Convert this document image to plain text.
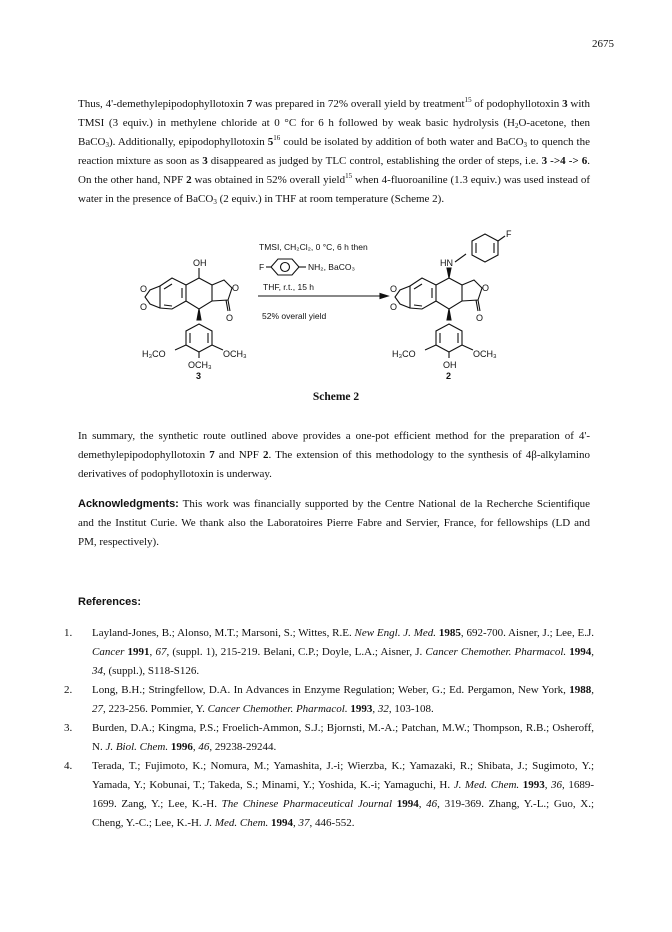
2675
Thus, 4'-demethylepipodophyllotoxin 7 was prepared in 72% overall yield by treatment$^{15}$ of podophyllotoxin 3 with TMSI (3 equiv.) in methylene chloride at 0 °C for 6 h followed by weak basic hydrolysis ($H_2O$-acetone, then BaCO$_3$). Additionally, epipodophyllotoxin $5^{16}$ could be isolated by addition of both water and BaCO$_3$ to quench the reaction mixture as soon as 3 disappeared as judged by TLC control, establishing the order of steps, i.e. 3 ->4 -> 6. On the other hand, NPF 2 was obtained in 52% overall yield$^{15}$ when 4-fluoroaniline (1.3 equiv.) was used instead of water in the presence of BaCO$_3$ (2 equiv.) in THF at room temperature (Scheme 2).
TMSI, CH₂Cl₂, 0 °C, 6 h then
F	NH₂, BaCO₃
THF, r.t., 15 h
52% overall yield
OH
O
O
O
O
H₃CO	OCH₃
OCH₃
3
HN
F
O
O
O
O
H₃CO	OCH₃
OH
2
Scheme 2
In summary, the synthetic route outlined above provides a one-pot efficient method for the preparation of 4'-demethylepipodophyllotoxin 7 and NPF 2. The extension of this methodology to the synthesis of 4β-alkylamino derivatives of podophyllotoxin is underway.
Acknowledgments: This work was financially supported by the Centre National de la Recherche Scientifique and the Institut Curie. We thank also the Laboratoires Pierre Fabre and Servier, France, for fellowships (LD and PM, respectively).
References:
1.	Layland-Jones, B.; Alonso, M.T.; Marsoni, S.; Wittes, R.E. New Engl. J. Med. 1985, 692-700. Aisner, J.; Lee, E.J. Cancer 1991, 67, (suppl. 1), 215-219. Belani, C.P.; Doyle, L.A.; Aisner, J. Cancer Chemother. Pharmacol. 1994, 34, (suppl.), S118-S126.
2.	Long, B.H.; Stringfellow, D.A. In Advances in Enzyme Regulation; Weber, G.; Ed. Pergamon, New York, 1988, 27, 223-256. Pommier, Y. Cancer Chemother. Pharmacol. 1993, 32, 103-108.
3.	Burden, D.A.; Kingma, P.S.; Froelich-Ammon, S.J.; Bjornsti, M.-A.; Patchan, M.W.; Thompson, R.B.; Osheroff, N. J. Biol. Chem. 1996, 46, 29238-29244.
4.	Terada, T.; Fujimoto, K.; Nomura, M.; Yamashita, J.-i; Wierzba, K.; Yamazaki, R.; Shibata, J.; Sugimoto, Y.; Yamada, Y.; Kobunai, T.; Takeda, S.; Minami, Y.; Yoshida, K.-i; Yamaguchi, H. J. Med. Chem. 1993, 36, 1689-1699. Zang, Y.; Lee, K.-H. The Chinese Pharmaceutical Journal 1994, 46, 319-369. Zhang, Y.-L.; Guo, X.; Cheng, Y.-C.; Lee, K.-H. J. Med. Chem. 1994, 37, 446-552.
